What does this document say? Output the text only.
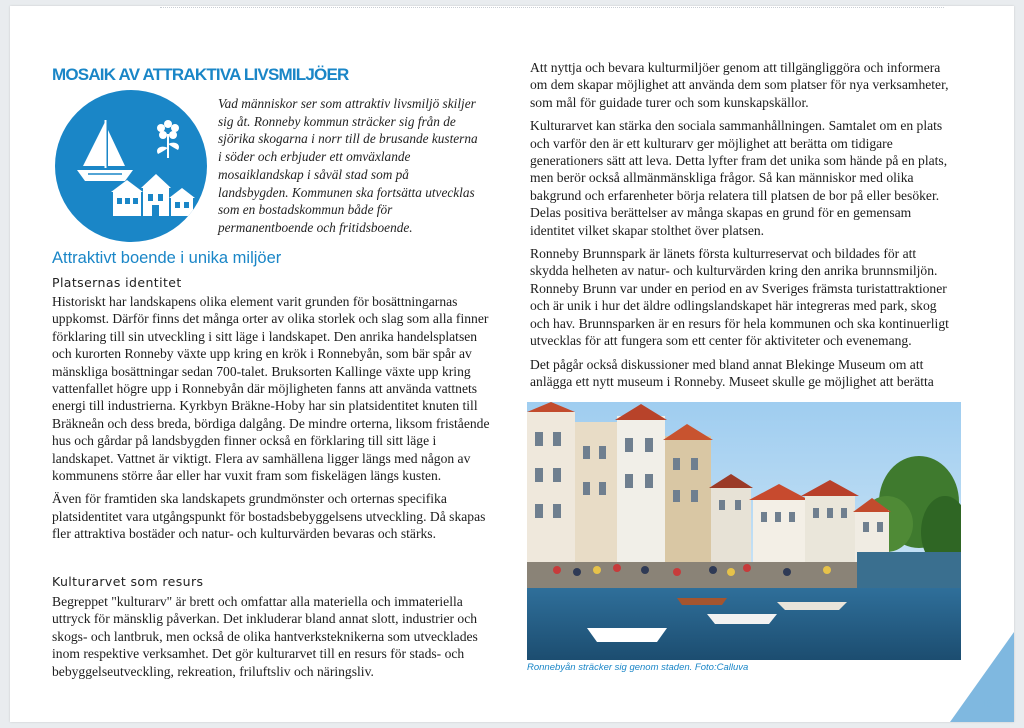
MOSAIK AV ATTRAKTIVA LIVSMILJÖER
Vad människor ser som attraktiv livsmiljö skiljer sig åt. Ronneby kommun sträcker sig från de sjörika skogarna i norr till de brusande kusterna i söder och erbjuder ett omväxlande mosaiklandskap i såväl stad som på landsbygden. Kommunen ska fortsätta utvecklas som en bostadskommun både för permanentboende och fritidsboende.
Attraktivt boende i unika miljöer
Platsernas identitet

Historiskt har landskapens olika element varit grunden för bosättningarnas uppkomst. Därför finns det många orter av olika storlek och slag som alla finner förklaring till sin utveckling i sitt läge i landskapet. Den anrika handelsplatsen och kurorten Ronneby växte upp kring en krök i Ronnebyån, som bär spår av mänskliga bosättningar sedan 700-talet. Bruksorten Kallinge växte upp kring vattenfallet högre upp i Ronnebyån där möjligheten fanns att använda vattnets energi till industrierna. Kyrkbyn Bräkne-Hoby har sin platsidentitet knuten till Bräkneån och dess breda, bördiga dalgång. De mindre orterna, liksom fristående hus och gårdar på landsbygden finner också en förklaring till sitt läge i landskapet. Vattnet är viktigt. Flera av samhällena ligger längs med någon av kommunens större åar eller har vuxit fram som fiskelägen längs kusten.

Även för framtiden ska landskapets grundmönster och orternas specifika platsidentitet vara utgångspunkt för bostadsbebyggelsens utveckling. Då skapas fler attraktiva bostäder och natur- och kulturvärden bevaras och stärks.

Kulturarvet som resurs

Begreppet "kulturarv" är brett och omfattar alla materiella och immateriella uttryck för mänsklig påverkan. Det inkluderar bland annat slott, industrier och skogs- och lantbruk, men också de olika hantverksteknikerna som utvecklades inom respektive verksamhet. Det gör kulturarvet till en resurs för stads- och bebyggelseutveckling, rekreation, friluftsliv och näringsliv.

Att nyttja och bevara kulturmiljöer genom att tillgängliggöra och informera om dem skapar möjlighet att använda dem som platser för nya verksamheter, som mål för guidade turer och som kunskapskällor.

Kulturarvet kan stärka den sociala sammanhållningen. Samtalet om en plats och varför den är ett kulturarv ger möjlighet att berätta om tidigare generationers sätt att leva. Detta lyfter fram det unika som hände på en plats, men berör också allmänmänskliga frågor. Så kan människor med olika bakgrund och erfarenheter börja relatera till platsen de bor på eller besöker. Delas positiva berättelser av många skapas en grund för en gemensam identitet vilket skapar stolthet över platsen.

Ronneby Brunnspark är länets första kulturreservat och bildades för att skydda helheten av natur- och kulturvärden kring den anrika brunnsmiljön. Ronneby Brunn var under en period en av Sveriges främsta turistattraktioner och är unik i hur det äldre odlingslandskapet här integreras med park, skog och hav. Brunnsparken är en resurs för hela kommunen och ska kontinuerligt utvecklas för att fungera som ett center för aktiviteter och evenemang.

Det pågår också diskussioner med bland annat Blekinge Museum om att anlägga ett nytt museum i Ronneby. Museet skulle ge möjlighet att berätta

Ronnebyån sträcker sig genom staden. Foto:Calluva
15
